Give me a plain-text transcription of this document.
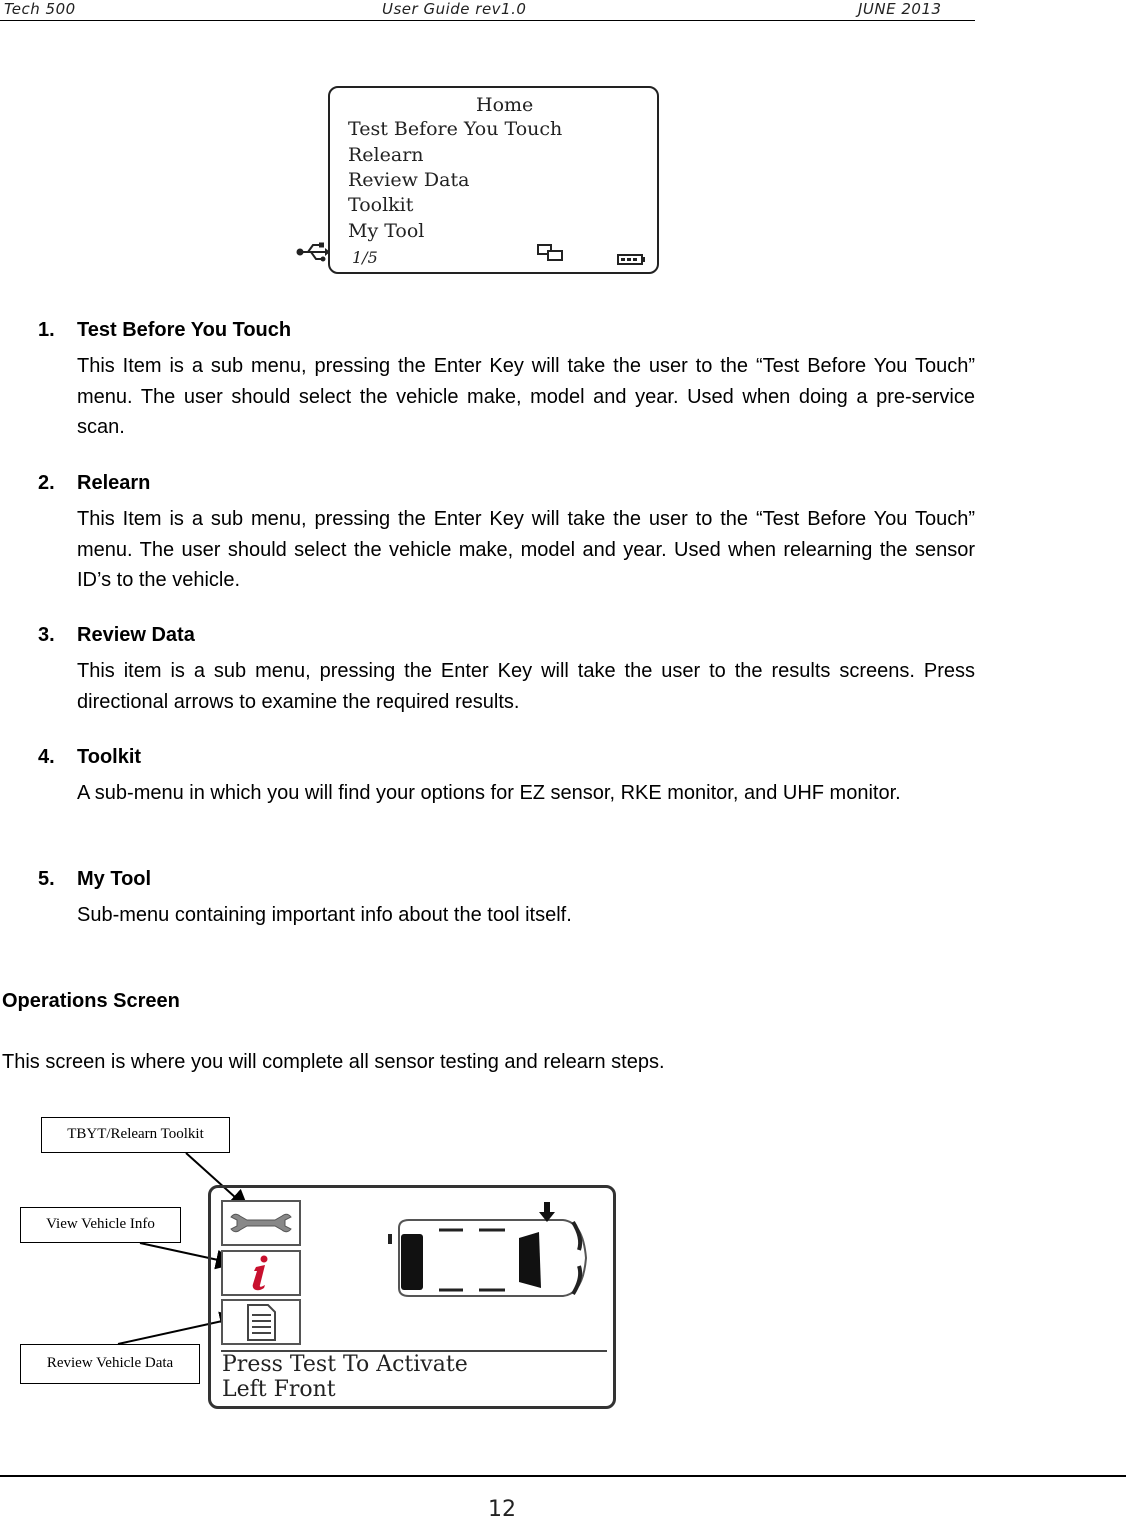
Tech 500	User Guide rev1.0	JUNE 2013
Home
Test Before You Touch
Relearn
Review Data
Toolkit
My Tool
1/5
1. Test Before You Touch
This Item is a sub menu, pressing the Enter Key will take the user to the “Test Before You Touch” menu. The user should select the vehicle make, model and year. Used when doing a pre-service scan.
2. Relearn
This Item is a sub menu, pressing the Enter Key will take the user to the “Test Before You Touch” menu. The user should select the vehicle make, model and year. Used when relearning the sensor ID’s to the vehicle.
3. Review Data
This item is a sub menu, pressing the Enter Key will take the user to the results screens. Press directional arrows to examine the required results.
4. Toolkit
A sub-menu in which you will find your options for EZ sensor, RKE monitor, and UHF monitor.
5. My Tool
Sub-menu containing important info about the tool itself.
Operations Screen
This screen is where you will complete all sensor testing and relearn steps.
TBYT/Relearn Toolkit
View Vehicle Info
Review Vehicle Data	Press Test To Activate
Left Front
12
